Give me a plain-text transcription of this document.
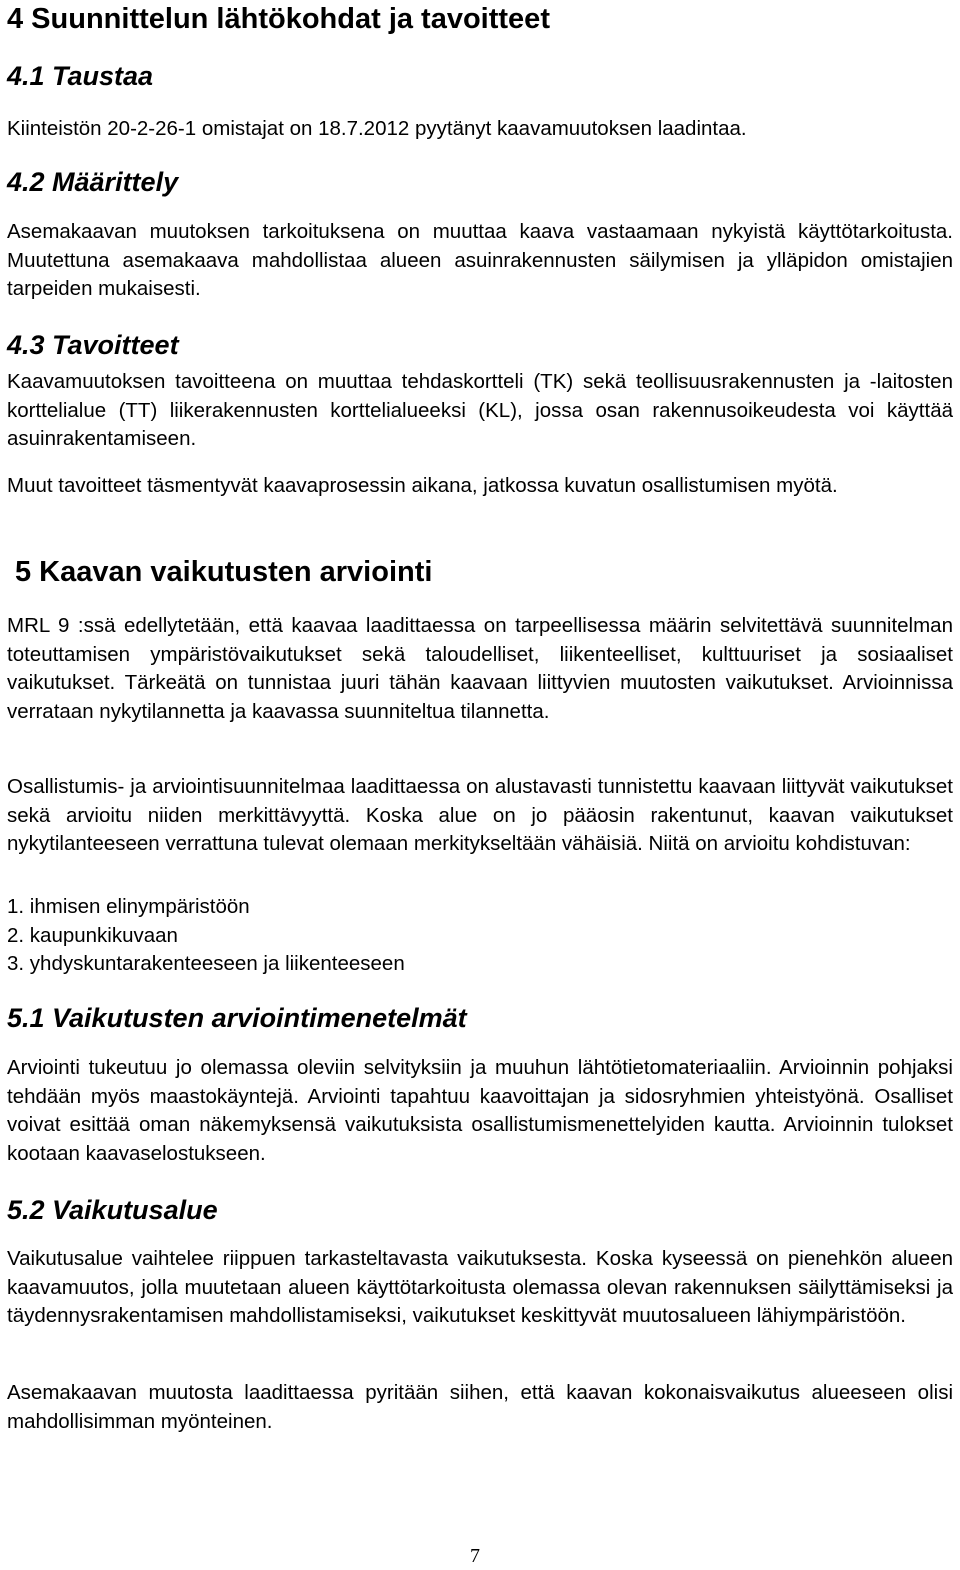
4 Suunnittelun lähtökohdat ja tavoitteet
4.1 Taustaa
Kiinteistön 20-2-26-1 omistajat on 18.7.2012 pyytänyt kaavamuutoksen laadintaa.
4.2 Määrittely
Asemakaavan muutoksen tarkoituksena on muuttaa kaava vastaamaan nykyistä käyttötarkoitusta. Muutettuna asemakaava mahdollistaa alueen asuinrakennusten säilymisen ja ylläpidon omistajien tarpeiden mukaisesti.
4.3 Tavoitteet
Kaavamuutoksen tavoitteena on muuttaa tehdaskortteli (TK) sekä teollisuusrakennusten ja -laitosten korttelialue (TT) liikerakennusten korttelialueeksi (KL), jossa osan rakennusoikeudesta voi käyttää asuinrakentamiseen.
Muut tavoitteet täsmentyvät kaavaprosessin aikana, jatkossa kuvatun osallistumisen myötä.
5 Kaavan vaikutusten arviointi
MRL 9 :ssä edellytetään, että kaavaa laadittaessa on tarpeellisessa määrin selvitettävä suunnitelman toteuttamisen ympäristövaikutukset sekä taloudelliset, liikenteelliset, kulttuuriset ja sosiaaliset vaikutukset. Tärkeätä on tunnistaa juuri tähän kaavaan liittyvien muutosten vaikutukset. Arvioinnissa verrataan nykytilannetta ja kaavassa suunniteltua tilannetta.
Osallistumis- ja arviointisuunnitelmaa laadittaessa on alustavasti tunnistettu kaavaan liittyvät vaikutukset sekä arvioitu niiden merkittävyyttä. Koska alue on jo pääosin rakentunut, kaavan vaikutukset nykytilanteeseen verrattuna tulevat olemaan merkitykseltään vähäisiä. Niitä on arvioitu kohdistuvan:
1. ihmisen elinympäristöön
2. kaupunkikuvaan
3. yhdyskuntarakenteeseen ja liikenteeseen
5.1 Vaikutusten arviointimenetelmät
Arviointi tukeutuu jo olemassa oleviin selvityksiin ja muuhun lähtötietomateriaaliin. Arvioinnin pohjaksi tehdään myös maastokäyntejä. Arviointi tapahtuu kaavoittajan ja sidosryhmien yhteistyönä. Osalliset voivat esittää oman näkemyksensä vaikutuksista osallistumismenettelyiden kautta. Arvioinnin tulokset kootaan kaavaselostukseen.
5.2 Vaikutusalue
Vaikutusalue vaihtelee riippuen tarkasteltavasta vaikutuksesta. Koska kyseessä on pienehkön alueen kaavamuutos, jolla muutetaan alueen käyttötarkoitusta olemassa olevan rakennuksen säilyttämiseksi ja täydennysrakentamisen mahdollistamiseksi, vaikutukset keskittyvät muutosalueen lähiympäristöön.
Asemakaavan muutosta laadittaessa pyritään siihen, että kaavan kokonaisvaikutus alueeseen olisi mahdollisimman myönteinen.
7
